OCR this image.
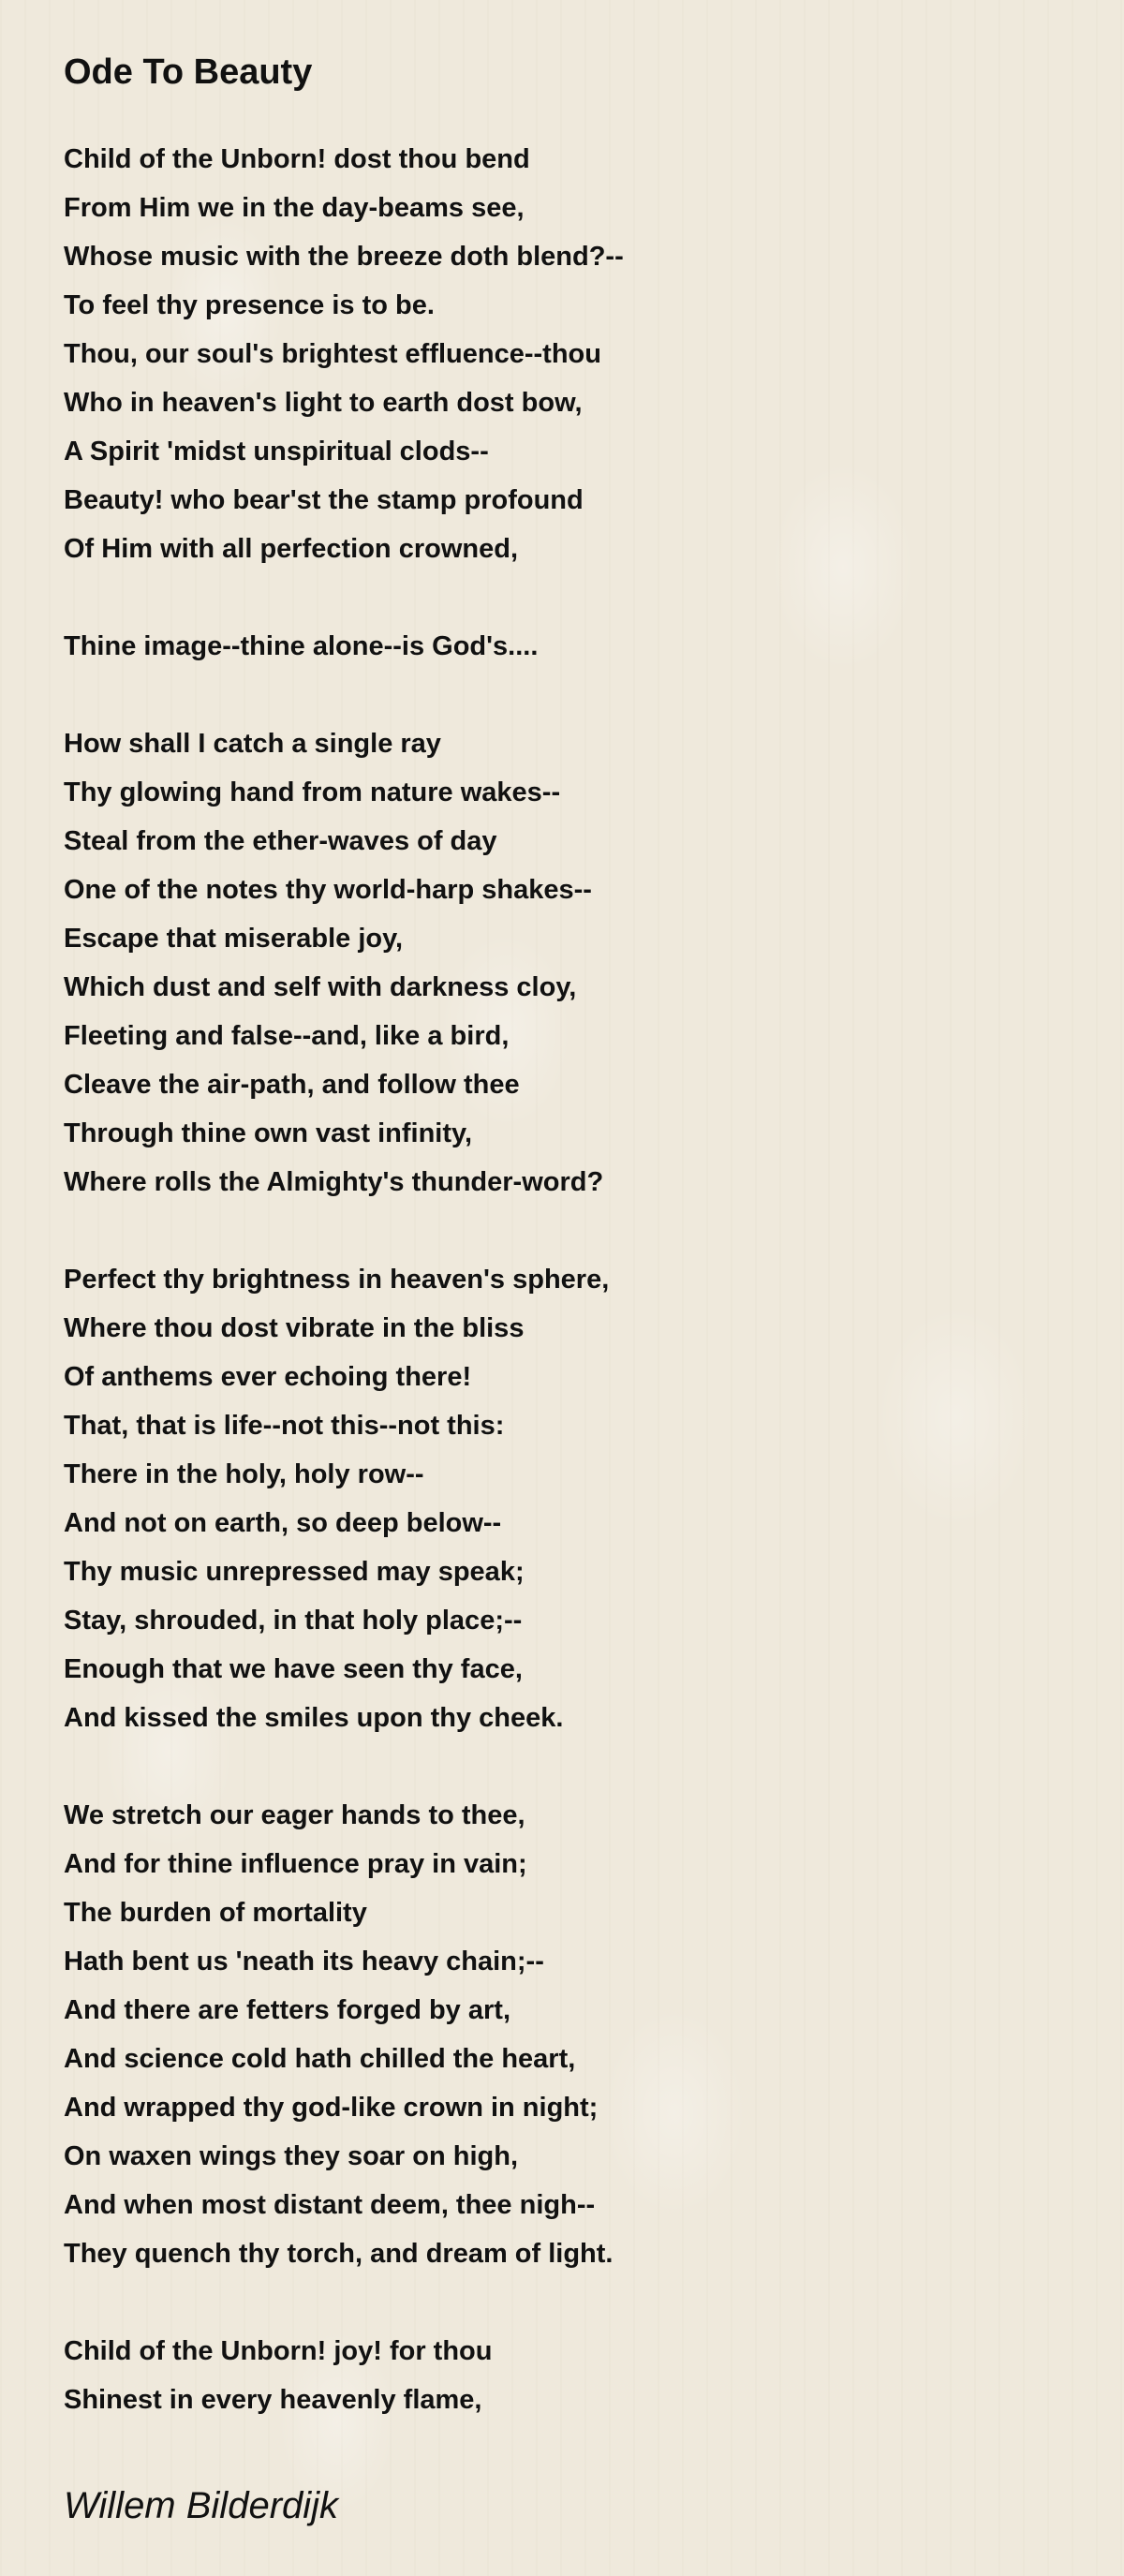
Ode To Beauty
Child of the Unborn! dost thou bend
From Him we in the day-beams see,
Whose music with the breeze doth blend?--
To feel thy presence is to be.
Thou, our soul's brightest effluence--thou
Who in heaven's light to earth dost bow,
A Spirit 'midst unspiritual clods--
Beauty! who bear'st the stamp profound
Of Him with all perfection crowned,
Thine image--thine alone--is God's....
How shall I catch a single ray
Thy glowing hand from nature wakes--
Steal from the ether-waves of day
One of the notes thy world-harp shakes--
Escape that miserable joy,
Which dust and self with darkness cloy,
Fleeting and false--and, like a bird,
Cleave the air-path, and follow thee
Through thine own vast infinity,
Where rolls the Almighty's thunder-word?
Perfect thy brightness in heaven's sphere,
Where thou dost vibrate in the bliss
Of anthems ever echoing there!
That, that is life--not this--not this:
There in the holy, holy row--
And not on earth, so deep below--
Thy music unrepressed may speak;
Stay, shrouded, in that holy place;--
Enough that we have seen thy face,
And kissed the smiles upon thy cheek.
We stretch our eager hands to thee,
And for thine influence pray in vain;
The burden of mortality
Hath bent us 'neath its heavy chain;--
And there are fetters forged by art,
And science cold hath chilled the heart,
And wrapped thy god-like crown in night;
On waxen wings they soar on high,
And when most distant deem, thee nigh--
They quench thy torch, and dream of light.
Child of the Unborn! joy! for thou
Shinest in every heavenly flame,
Willem Bilderdijk
